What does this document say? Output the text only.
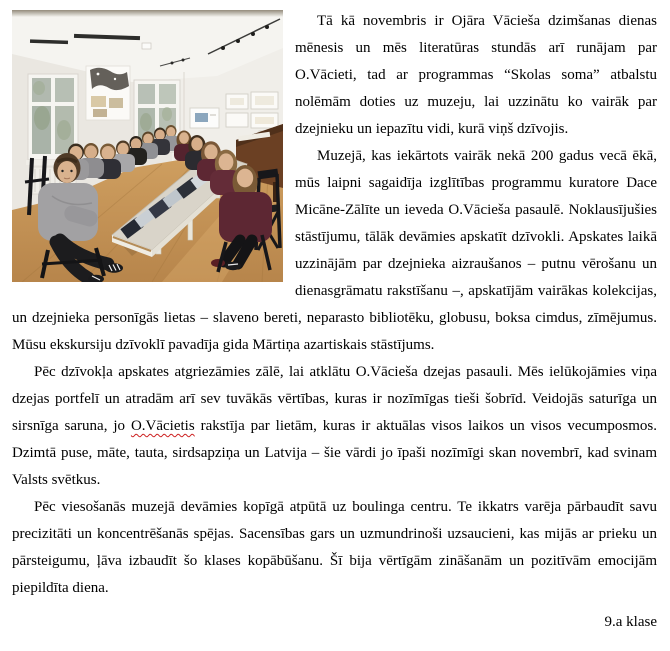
Tā kā novembris ir Ojāra Vācieša dzimšanas dienas mēnesis un mēs literatūras stundās arī runājam par O.Vācieti, tad ar programmas “Skolas soma” atbalstu nolēmām doties uz muzeju, lai uzzinātu ko vairāk par dzejnieku un iepazītu vidi, kurā viņš dzīvojis.

Muzejā, kas iekārtots vairāk nekā 200 gadus vecā ēkā, mūs laipni sagaidīja izglītības programmu kuratore Dace Micāne-Zālīte un ieveda O.Vācieša pasaulē. Noklausījušies stāstījumu, tālāk devāmies apskatīt dzīvokli. Apskates laikā uzzinājām par dzejnieka aizraušanos – putnu vērošanu un dienasgrāmatu rakstīšanu –, apskatījām vairākas kolekcijas, un dzejnieka personīgās lietas – slaveno bereti, neparasto bibliotēku, globusu, boksa cimdus, zīmējumus. Mūsu ekskursiju dzīvoklī pavadīja gida Mārtiņa azartiskais stāstījums.

Pēc dzīvokļa apskates atgriezāmies zālē, lai atklātu O.Vācieša dzejas pasauli. Mēs ielūkojāmies viņa dzejas portfelī un atradām arī sev tuvākās vērtības, kuras ir nozīmīgas tieši šobrīd. Veidojās saturīga un sirsnīga saruna, jo O.Vācietis rakstīja par lietām, kuras ir aktuālas visos laikos un visos vecumposmos. Dzimtā puse, māte, tauta, sirdsapziņa un Latvija – šie vārdi jo īpaši nozīmīgi skan novembrī, kad svinam Valsts svētkus.

Pēc viesošanās muzejā devāmies kopīgā atpūtā uz boulinga centru. Te ikkatrs varēja pārbaudīt savu precizitāti un koncentrēšanās spējas. Sacensības gars un uzmundrinoši uzsaucieni, kas mijās ar prieku un pārsteigumu, ļāva izbaudīt šo klases kopābūšanu. Šī bija vērtīgām zināšanām un pozitīvām emocijām piepildīta diena.

9.a klase
